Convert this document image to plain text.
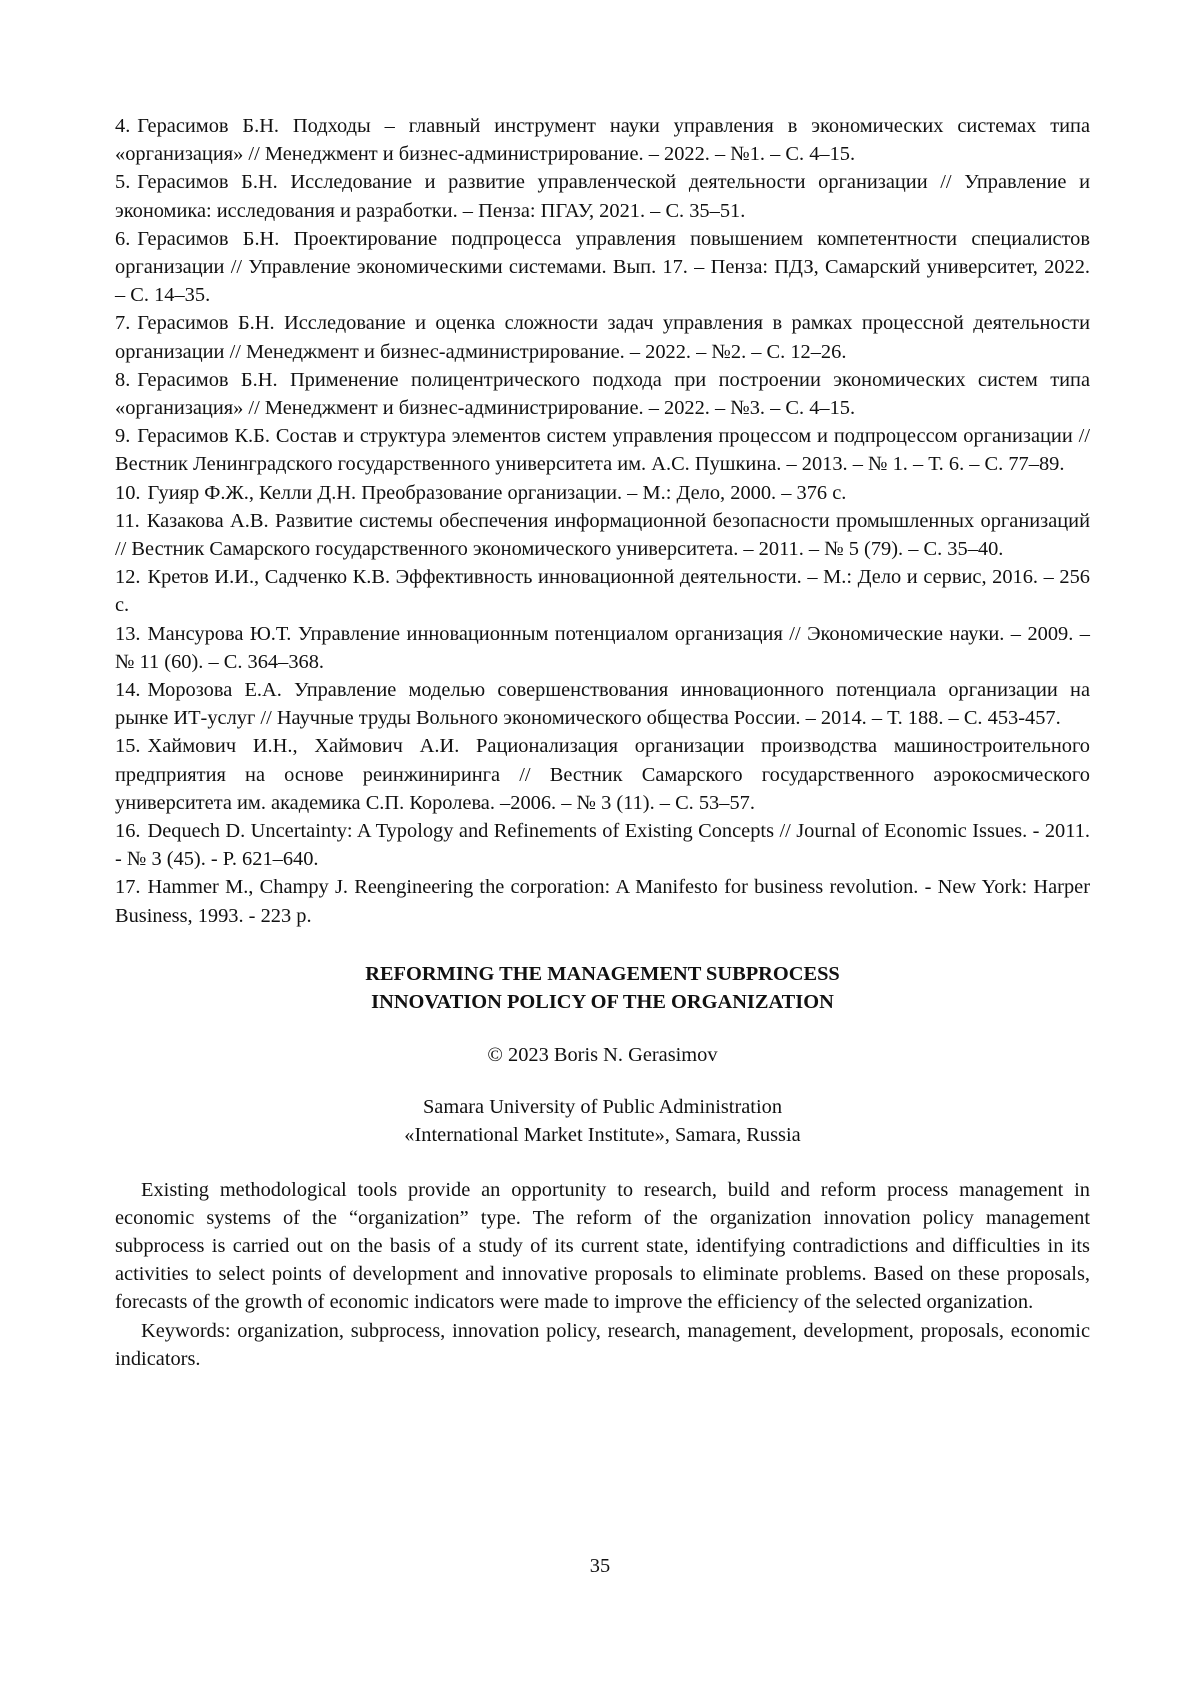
4. Герасимов Б.Н. Подходы – главный инструмент науки управления в экономических системах типа «организация» // Менеджмент и бизнес-администрирование. – 2022. – №1. – С. 4–15.
5. Герасимов Б.Н. Исследование и развитие управленческой деятельности организации // Управление и экономика: исследования и разработки. – Пенза: ПГАУ, 2021. – С. 35–51.
6. Герасимов Б.Н. Проектирование подпроцесса управления повышением компетентности специалистов организации // Управление экономическими системами. Вып. 17. – Пенза: ПДЗ, Самарский университет, 2022. – С. 14–35.
7. Герасимов Б.Н. Исследование и оценка сложности задач управления в рамках процессной деятельности организации // Менеджмент и бизнес-администрирование. – 2022. – №2. – С. 12–26.
8. Герасимов Б.Н. Применение полицентрического подхода при построении экономических систем типа «организация» // Менеджмент и бизнес-администрирование. – 2022. – №3. – С. 4–15.
9. Герасимов К.Б. Состав и структура элементов систем управления процессом и подпроцессом организации // Вестник Ленинградского государственного университета им. А.С. Пушкина. – 2013. – № 1. – Т. 6. – С. 77–89.
10. Гуияр Ф.Ж., Келли Д.Н. Преобразование организации. – М.: Дело, 2000. – 376 с.
11. Казакова А.В. Развитие системы обеспечения информационной безопасности промышленных организаций // Вестник Самарского государственного экономического университета. – 2011. – № 5 (79). – С. 35–40.
12. Кретов И.И., Садченко К.В. Эффективность инновационной деятельности. – М.: Дело и сервис, 2016. – 256 с.
13. Мансурова Ю.Т. Управление инновационным потенциалом организация // Экономические науки. – 2009. – № 11 (60). – С. 364–368.
14. Морозова Е.А. Управление моделью совершенствования инновационного потенциала организации на рынке ИТ-услуг // Научные труды Вольного экономического общества России. – 2014. – Т. 188. – С. 453-457.
15. Хаймович И.Н., Хаймович А.И. Рационализация организации производства машиностроительного предприятия на основе реинжиниринга // Вестник Самарского государственного аэрокосмического университета им. академика С.П. Королева. –2006. – № 3 (11). – С. 53–57.
16. Dequech D. Uncertainty: A Typology and Refinements of Existing Concepts // Journal of Economic Issues. - 2011. - № 3 (45). - P. 621–640.
17. Hammer M., Champy J. Reengineering the corporation: A Manifesto for business revolution. - New York: Harper Business, 1993. - 223 p.
REFORMING THE MANAGEMENT SUBPROCESS
INNOVATION POLICY OF THE ORGANIZATION
© 2023 Boris N. Gerasimov
Samara University of Public Administration
«International Market Institute», Samara, Russia

Existing methodological tools provide an opportunity to research, build and reform process management in economic systems of the “organization” type. The reform of the organization innovation policy management subprocess is carried out on the basis of a study of its current state, identifying contradictions and difficulties in its activities to select points of development and innovative proposals to eliminate problems. Based on these proposals, forecasts of the growth of economic indicators were made to improve the efficiency of the selected organization.

Keywords: organization, subprocess, innovation policy, research, management, development, proposals, economic indicators.

35
